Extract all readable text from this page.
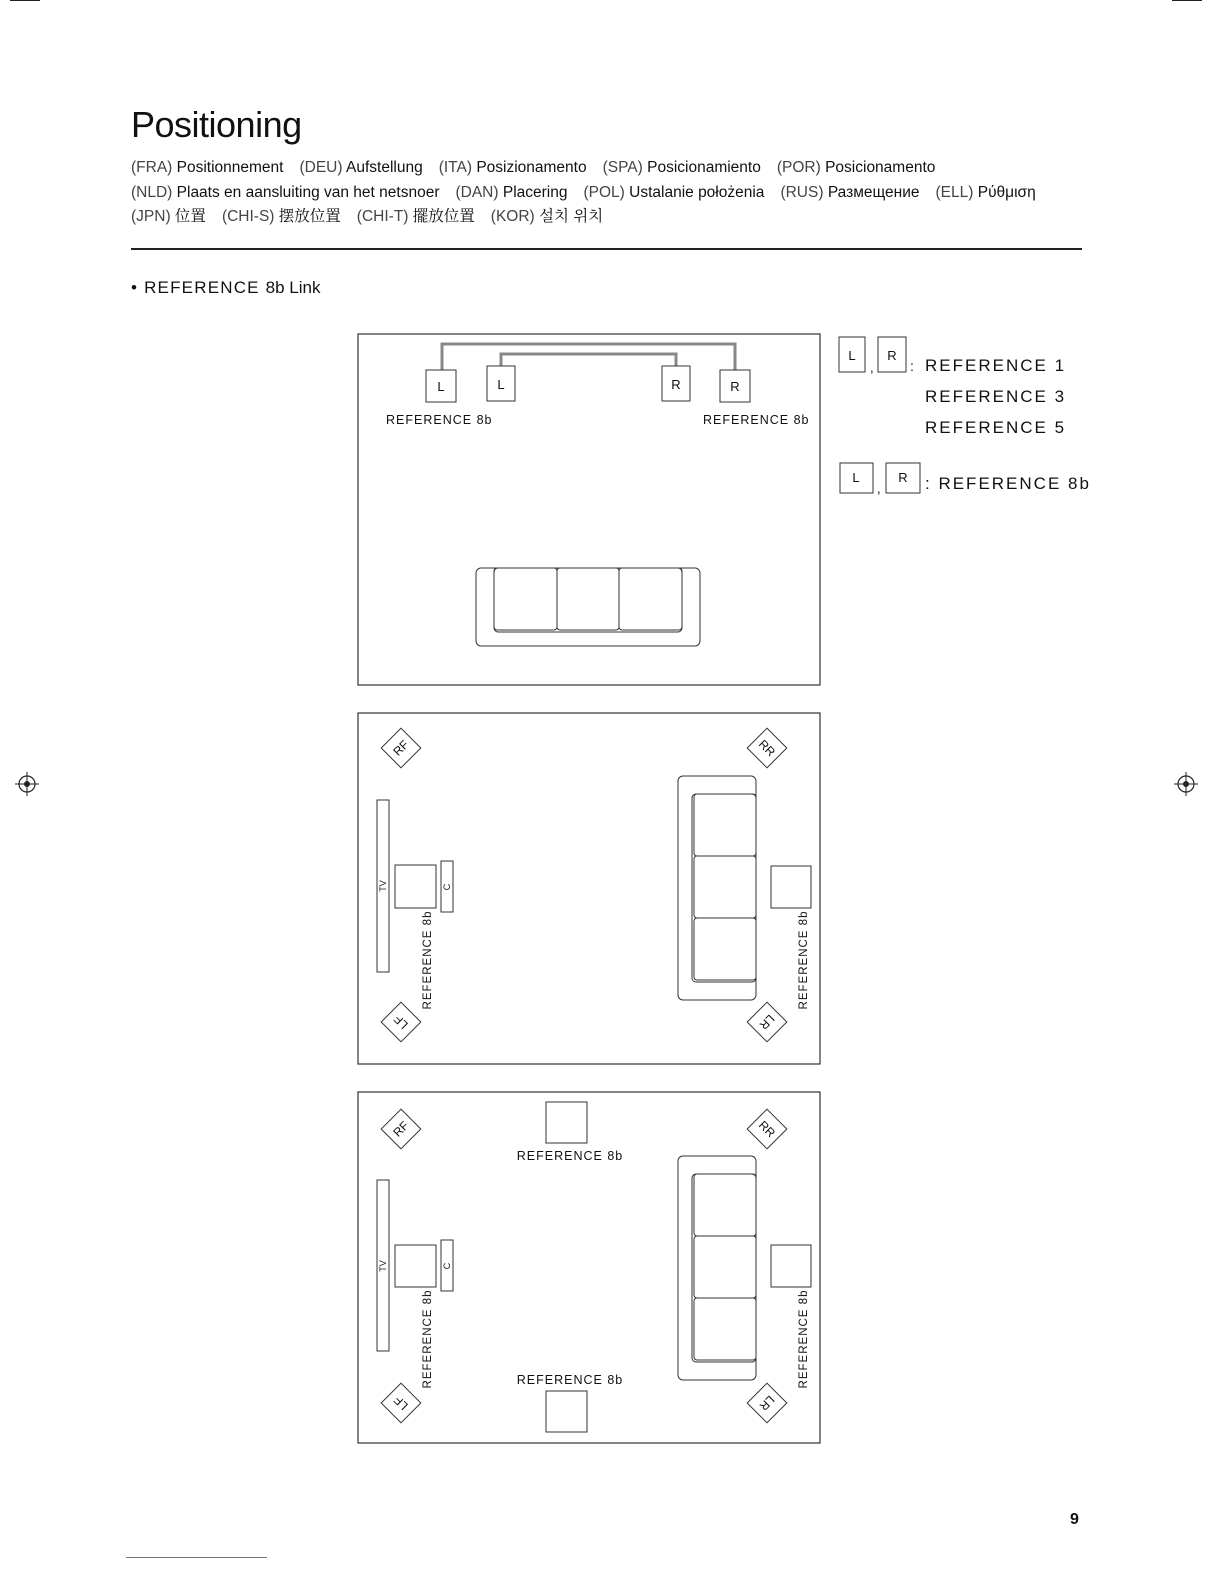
Positioning
(FRA) Positionnement (DEU) Aufstellung (ITA) Posizionamento (SPA) Posicionamiento (POR) Posicionamento
(NLD) Plaats en aansluiting van het netsnoer (DAN) Placering (POL) Ustalanie położenia (RUS) Размещение (ELL) Ρύθμιση
(JPN) 位置 (CHI-S) 摆放位置 (CHI-T) 擺放位置 (KOR) 설치 위치
• REFERENCE 8b Link
L	L	R	R
REFERENCE 8b	REFERENCE 8b
L
,
R
:
L
,
R
RF	RR
LF	LR
TV	C
REFERENCE 8b	REFERENCE 8b
RF	RR
LF	LR
REFERENCE 8b
REFERENCE 8b
TV	C
REFERENCE 8b	REFERENCE 8b
REFERENCE 1
REFERENCE 3
REFERENCE 5
: REFERENCE 8b
9
